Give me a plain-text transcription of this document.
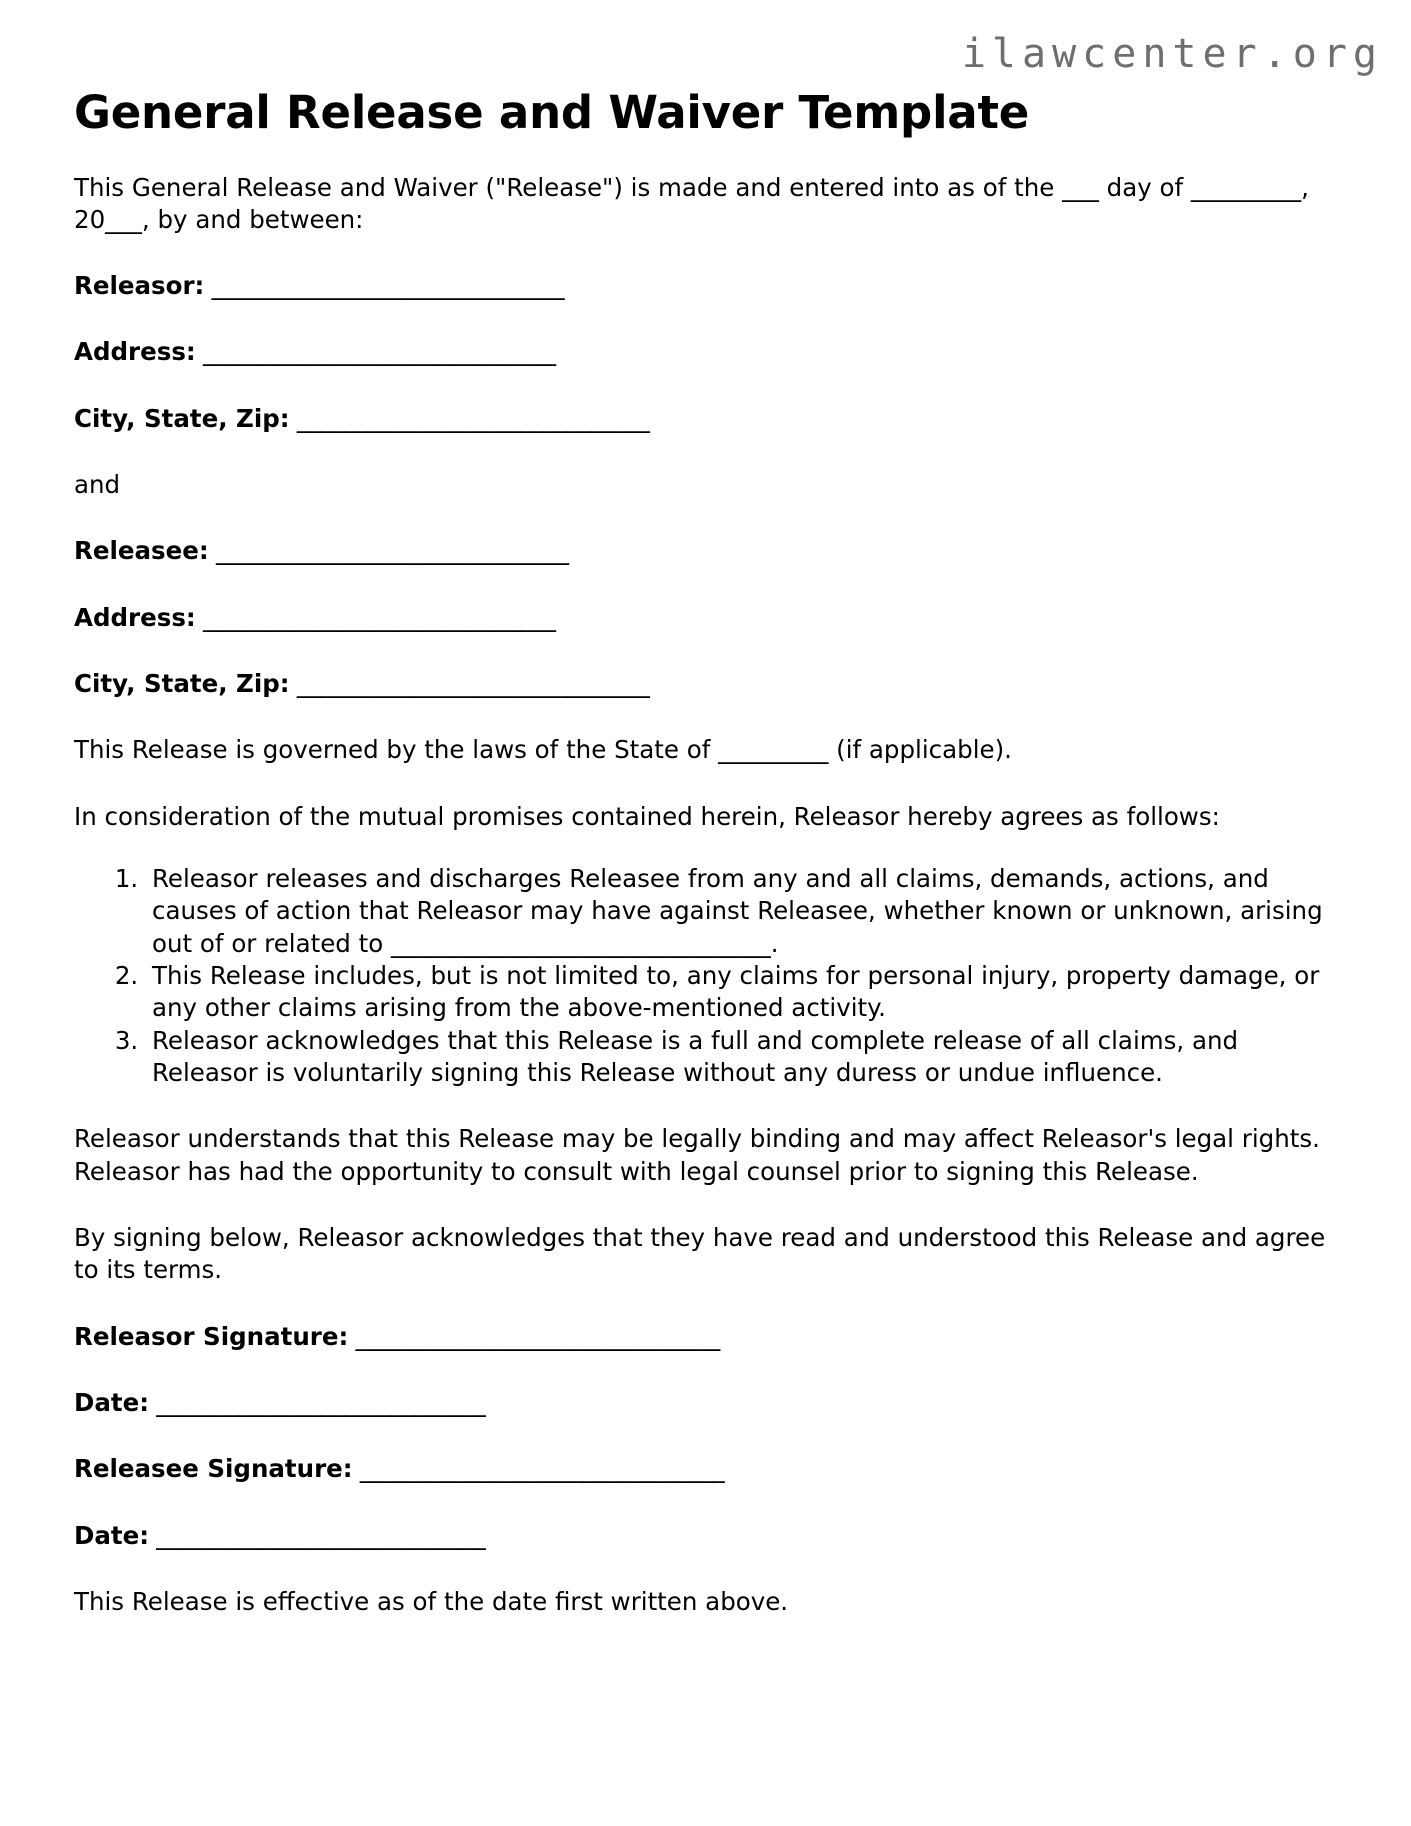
ilawcenter.org
General Release and Waiver Template

This General Release and Waiver ("Release") is made and entered into as of the ___ day of _________, 20___, by and between:

Releasor: ______________________________

Address: ______________________________

City, State, Zip: ______________________________

and

Releasee: ______________________________

Address: ______________________________

City, State, Zip: ______________________________

This Release is governed by the laws of the State of _________ (if applicable).

In consideration of the mutual promises contained herein, Releasor hereby agrees as follows:

1. Releasor releases and discharges Releasee from any and all claims, demands, actions, and causes of action that Releasor may have against Releasee, whether known or unknown, arising out of or related to _______________________________.
2. This Release includes, but is not limited to, any claims for personal injury, property damage, or any other claims arising from the above-mentioned activity.
3. Releasor acknowledges that this Release is a full and complete release of all claims, and Releasor is voluntarily signing this Release without any duress or undue influence.

Releasor understands that this Release may be legally binding and may affect Releasor's legal rights. Releasor has had the opportunity to consult with legal counsel prior to signing this Release.

By signing below, Releasor acknowledges that they have read and understood this Release and agree to its terms.

Releasor Signature: _______________________________

Date: ____________________________

Releasee Signature: _______________________________

Date: ____________________________

This Release is effective as of the date first written above.
